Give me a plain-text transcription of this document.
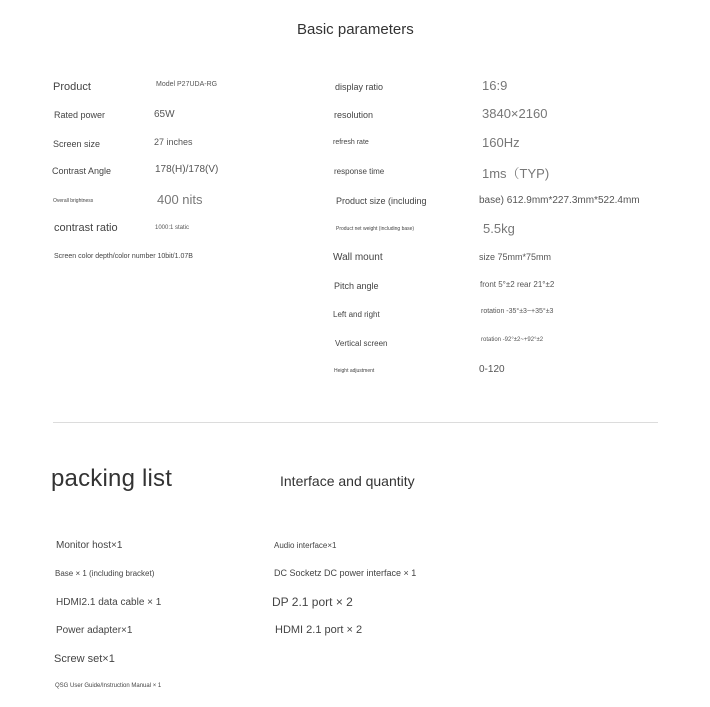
Basic parameters
Product	Model P27UDA-RG
Rated power	65W
Screen size	27 inches
Contrast Angle	178(H)/178(V)
Overall brightness	400 nits
contrast ratio	1000:1 static
Screen color depth/color number 10bit/1.07B
display ratio	16:9
resolution	3840×2160
refresh rate	160Hz
response time	1ms（TYP)
Product size (including	base) 612.9mm*227.3mm*522.4mm
Product net weight (including base)	5.5kg
Wall mount	size 75mm*75mm
Pitch angle	front 5°±2 rear 21°±2
Left and right	rotation -35°±3~+35°±3
Vertical screen	rotation -92°±2~+92°±2
Height adjustment	0-120
packing list	Interface and quantity
Monitor host×1
Base × 1 (including bracket)
HDMI2.1 data cable × 1
Power adapter×1
Screw set×1
QSG User Guide/Instruction Manual × 1
Audio interface×1
DC Socketz DC power interface × 1
DP 2.1 port × 2
HDMI 2.1 port × 2
